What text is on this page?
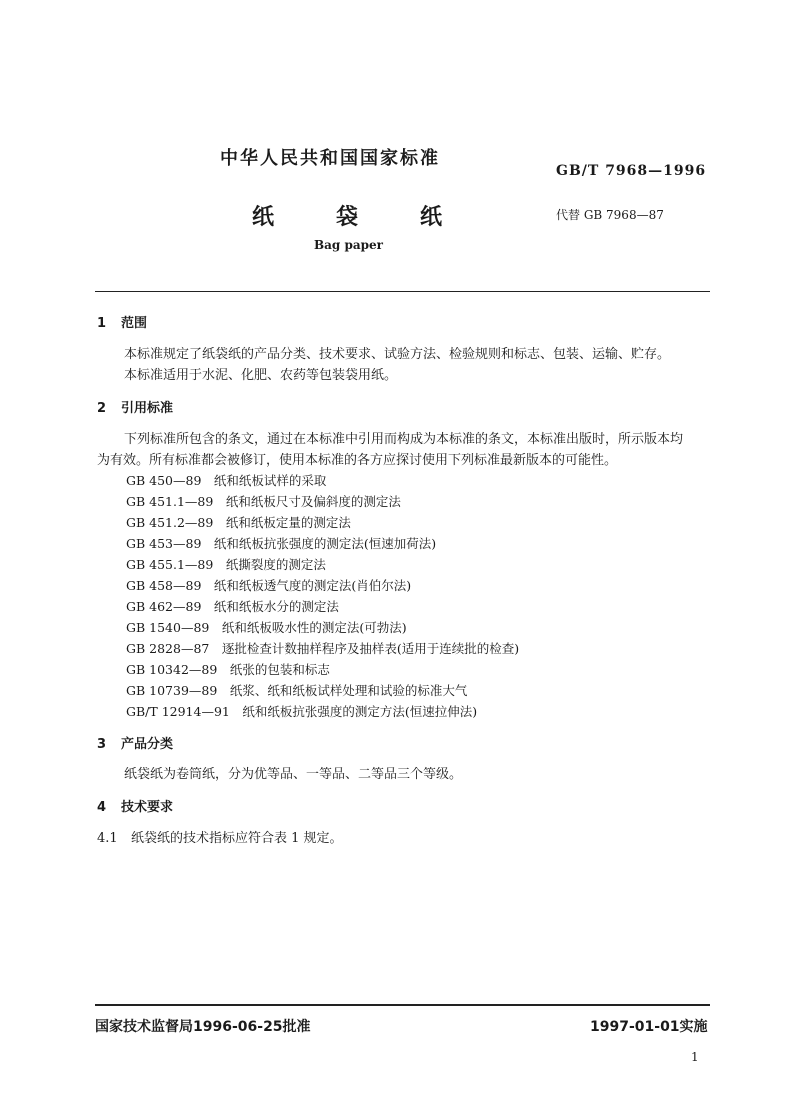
中华人民共和国国家标准
GB/T 7968—1996
纸	袋	纸	代替 GB 7968—87
Bag paper
1 范围
本标准规定了纸袋纸的产品分类、技术要求、试验方法、检验规则和标志、包装、运输、贮存。
本标准适用于水泥、化肥、农药等包装袋用纸。
2 引用标准
下列标准所包含的条文，通过在本标准中引用而构成为本标准的条文，本标准出版时，所示版本均
为有效。所有标准都会被修订，使用本标准的各方应探讨使用下列标准最新版本的可能性。
GB 450—89　纸和纸板试样的采取
GB 451.1—89　纸和纸板尺寸及偏斜度的测定法
GB 451.2—89　纸和纸板定量的测定法
GB 453—89　纸和纸板抗张强度的测定法(恒速加荷法)
GB 455.1—89　纸撕裂度的测定法
GB 458—89　纸和纸板透气度的测定法(肖伯尔法)
GB 462—89　纸和纸板水分的测定法
GB 1540—89　纸和纸板吸水性的测定法(可勃法)
GB 2828—87　逐批检查计数抽样程序及抽样表(适用于连续批的检查)
GB 10342—89　纸张的包装和标志
GB 10739—89　纸浆、纸和纸板试样处理和试验的标准大气
GB/T 12914—91　纸和纸板抗张强度的测定方法(恒速拉伸法)
3 产品分类
纸袋纸为卷筒纸，分为优等品、一等品、二等品三个等级。
4 技术要求
4.1 纸袋纸的技术指标应符合表 1 规定。
国家技术监督局1996-06-25批准	1997-01-01实施
1
